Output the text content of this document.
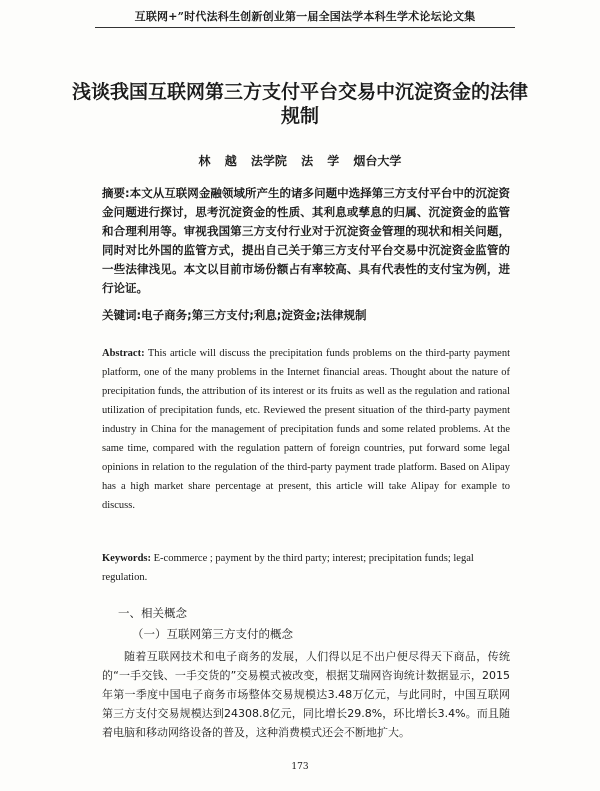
互联网+”时代法科生创新创业第一届全国法学本科生学术论坛论文集
浅谈我国互联网第三方支付平台交易中沉淀资金的法律规制
林 越 法学院 法 学 烟台大学
摘要:本文从互联网金融领域所产生的诸多问题中选择第三方支付平台中的沉淀资金问题进行探讨，思考沉淀资金的性质、其利息或孳息的归属、沉淀资金的监管和合理利用等。审视我国第三方支付行业对于沉淀资金管理的现状和相关问题，同时对比外国的监管方式，提出自己关于第三方支付平台交易中沉淀资金监管的一些法律浅见。本文以目前市场份额占有率较高、具有代表性的支付宝为例，进行论证。
关键词:电子商务;第三方支付;利息;淀资金;法律规制
Abstract: This article will discuss the precipitation funds problems on the third-party payment platform, one of the many problems in the Internet financial areas. Thought about the nature of precipitation funds, the attribution of its interest or its fruits as well as the regulation and rational utilization of precipitation funds, etc. Reviewed the present situation of the third-party payment industry in China for the management of precipitation funds and some related problems. At the same time, compared with the regulation pattern of foreign countries, put forward some legal opinions in relation to the regulation of the third-party payment trade platform. Based on Alipay has a high market share percentage at present, this article will take Alipay for example to discuss.
Keywords: E-commerce ; payment by the third party; interest; precipitation funds; legal regulation.
一、相关概念
（一）互联网第三方支付的概念
随着互联网技术和电子商务的发展，人们得以足不出户便尽得天下商品，传统的“一手交钱、一手交货的”交易模式被改变，根据艾瑞网咨询统计数据显示，2015年第一季度中国电子商务市场整体交易规模达3.48万亿元，与此同时，中国互联网第三方支付交易规模达到24308.8亿元，同比增长29.8%，环比增长3.4%。而且随着电脑和移动网络设备的普及，这种消费模式还会不断地扩大。
173
